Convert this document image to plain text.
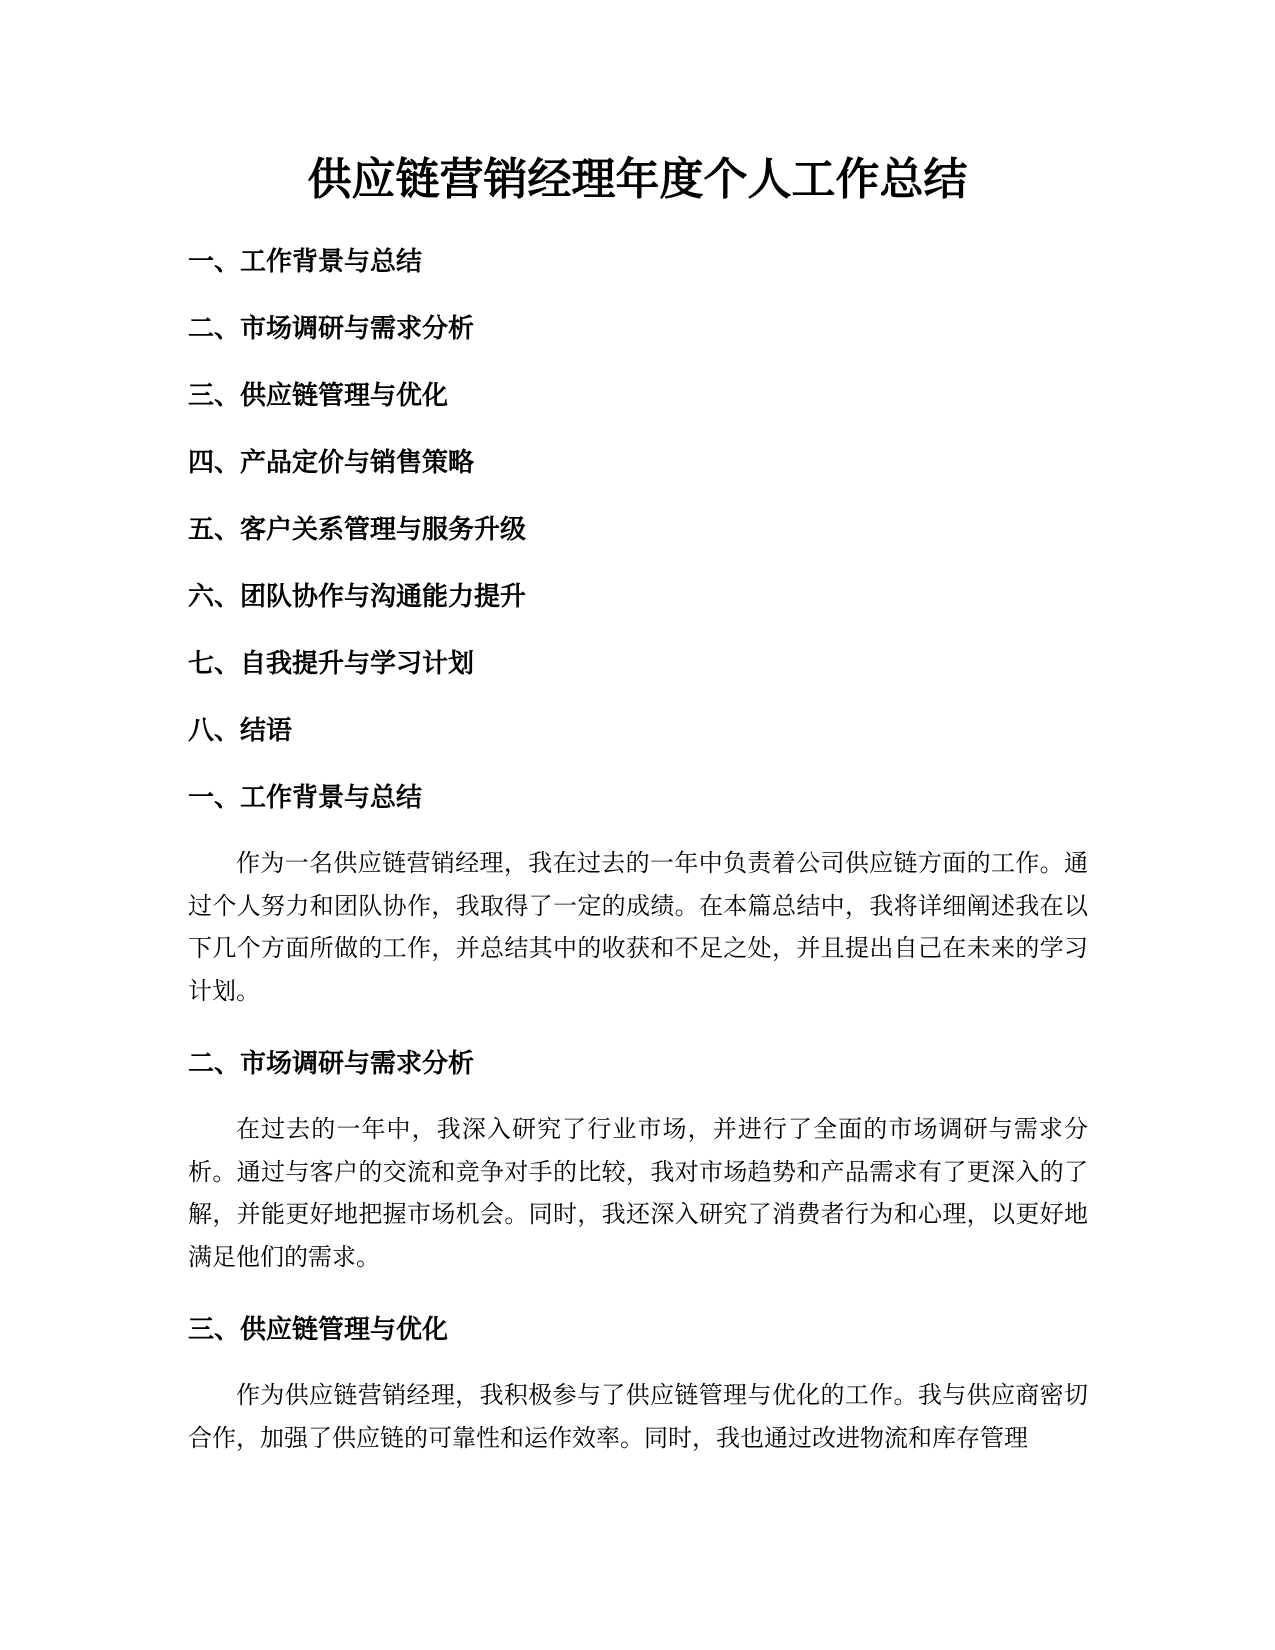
供应链营销经理年度个人工作总结
一、工作背景与总结
二、市场调研与需求分析
三、供应链管理与优化
四、产品定价与销售策略
五、客户关系管理与服务升级
六、团队协作与沟通能力提升
七、自我提升与学习计划
八、结语
一、工作背景与总结

作为一名供应链营销经理，我在过去的一年中负责着公司供应链方面的工作。通过个人努力和团队协作，我取得了一定的成绩。在本篇总结中，我将详细阐述我在以下几个方面所做的工作，并总结其中的收获和不足之处，并且提出自己在未来的学习计划。

二、市场调研与需求分析

在过去的一年中，我深入研究了行业市场，并进行了全面的市场调研与需求分析。通过与客户的交流和竞争对手的比较，我对市场趋势和产品需求有了更深入的了解，并能更好地把握市场机会。同时，我还深入研究了消费者行为和心理，以更好地满足他们的需求。

三、供应链管理与优化

作为供应链营销经理，我积极参与了供应链管理与优化的工作。我与供应商密切合作，加强了供应链的可靠性和运作效率。同时，我也通过改进物流和库存管理
